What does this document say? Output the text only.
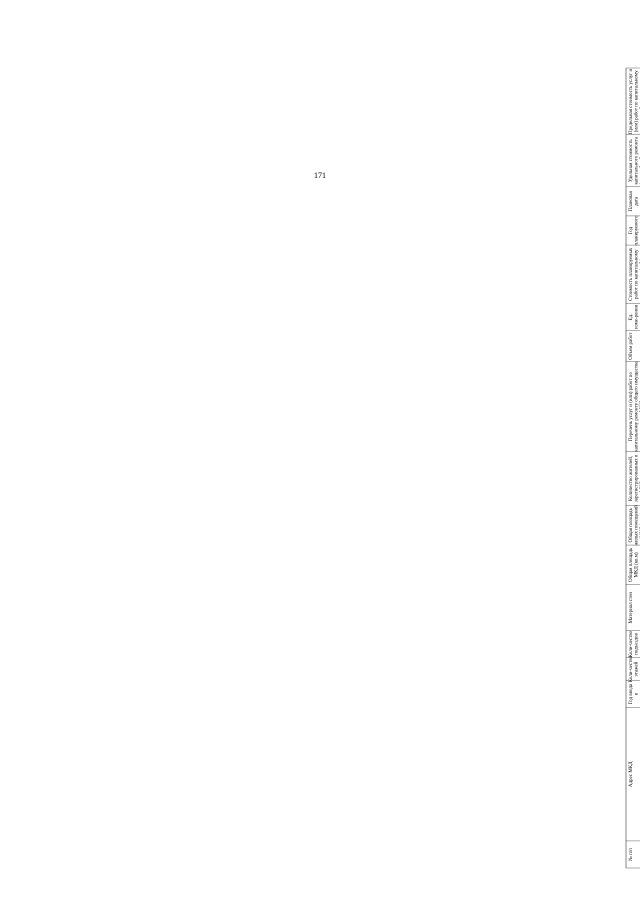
171
№ п/п
Адрес МКД
Год вводав
Коли-чествоэтажей
Коли-чествоподъездов
Материал стен
Общая площадьМКД (кв.м)
Общая площадьжилых помещений
Количество жителей,зарегистрированных в
Перечень услуг и (или) работ покапитальному ремонту общего имущества
Объем работ
Ед.изме-рения
Стоимость планируемыхработ по капитальному
Годпланируемого
Плановаядата
Удельная стоимостькапитального ремонта
Предельная стоимость услуг и(или) работ по капитальному
